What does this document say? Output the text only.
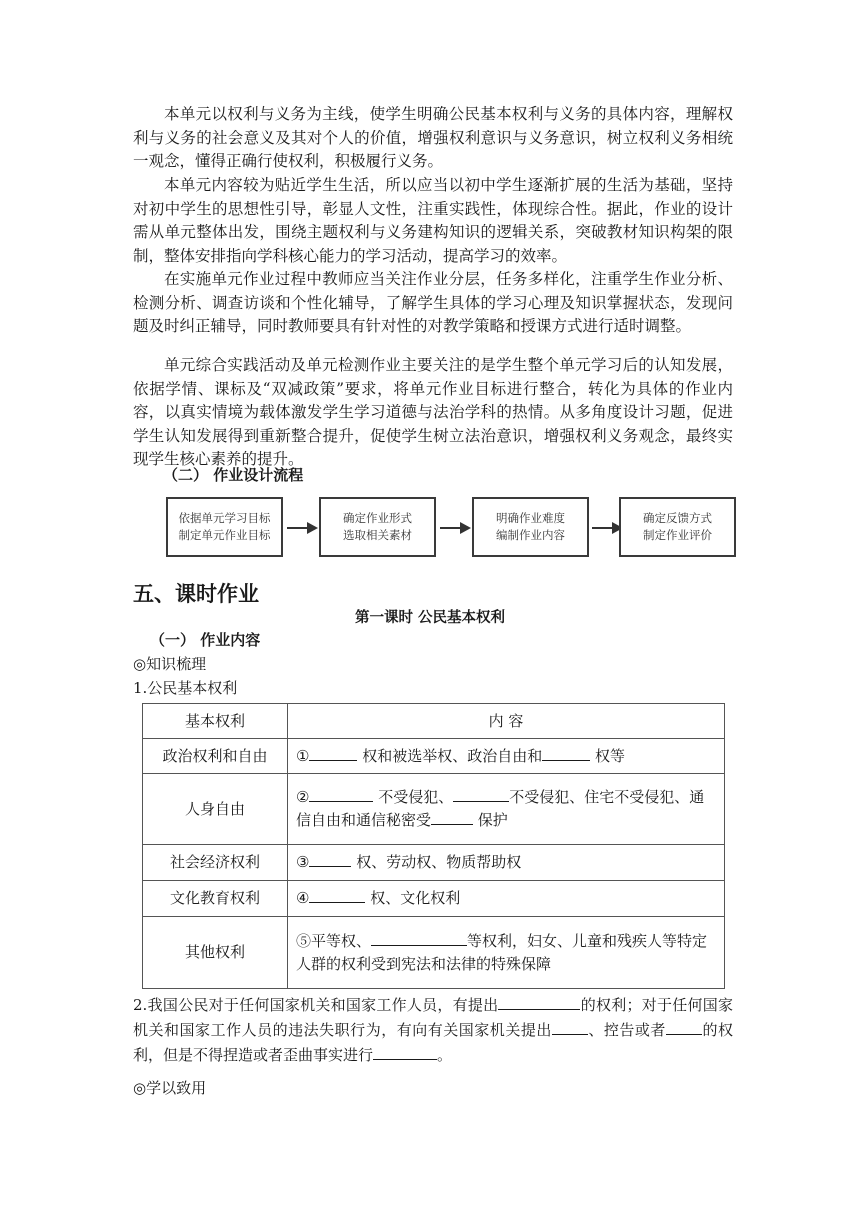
本单元以权利与义务为主线，使学生明确公民基本权利与义务的具体内容，理解权利与义务的社会意义及其对个人的价值，增强权利意识与义务意识，树立权利义务相统一观念，懂得正确行使权利，积极履行义务。

本单元内容较为贴近学生生活，所以应当以初中学生逐渐扩展的生活为基础，坚持对初中学生的思想性引导，彰显人文性，注重实践性，体现综合性。据此，作业的设计需从单元整体出发，围绕主题权利与义务建构知识的逻辑关系，突破教材知识构架的限制，整体安排指向学科核心能力的学习活动，提高学习的效率。

在实施单元作业过程中教师应当关注作业分层，任务多样化，注重学生作业分析、检测分析、调查访谈和个性化辅导，了解学生具体的学习心理及知识掌握状态，发现问题及时纠正辅导，同时教师要具有针对性的对教学策略和授课方式进行适时调整。

单元综合实践活动及单元检测作业主要关注的是学生整个单元学习后的认知发展，依据学情、课标及“双减政策”要求，将单元作业目标进行整合，转化为具体的作业内容，以真实情境为载体激发学生学习道德与法治学科的热情。从多角度设计习题，促进学生认知发展得到重新整合提升，促使学生树立法治意识，增强权利义务观念，最终实现学生核心素养的提升。

（二） 作业设计流程

依据单元学习目标
制定单元作业目标
确定作业形式
选取相关素材
明确作业难度
编制作业内容
确定反馈方式
制定作业评价

五、课时作业

第一课时 公民基本权利

（一） 作业内容

◎知识梳理

1.公民基本权利

基本权利	内 容
政治权利和自由	① 权和被选举权、政治自由和 权等
人身自由	② 不受侵犯、 不受侵犯、住宅不受侵犯、通信自由和通信秘密受 保护
社会经济权利	③ 权、劳动权、物质帮助权
文化教育权利	④ 权、文化权利
其他权利	⑤平等权、 等权利，妇女、儿童和残疾人等特定人群的权利受到宪法和法律的特殊保障

2.我国公民对于任何国家机关和国家工作人员，有提出	的权利；对于任何国家机关和国家工作人员的违法失职行为，有向有关国家机关提出 、控告或者 的权利，但是不得捏造或者歪曲事实进行	。

◎学以致用
